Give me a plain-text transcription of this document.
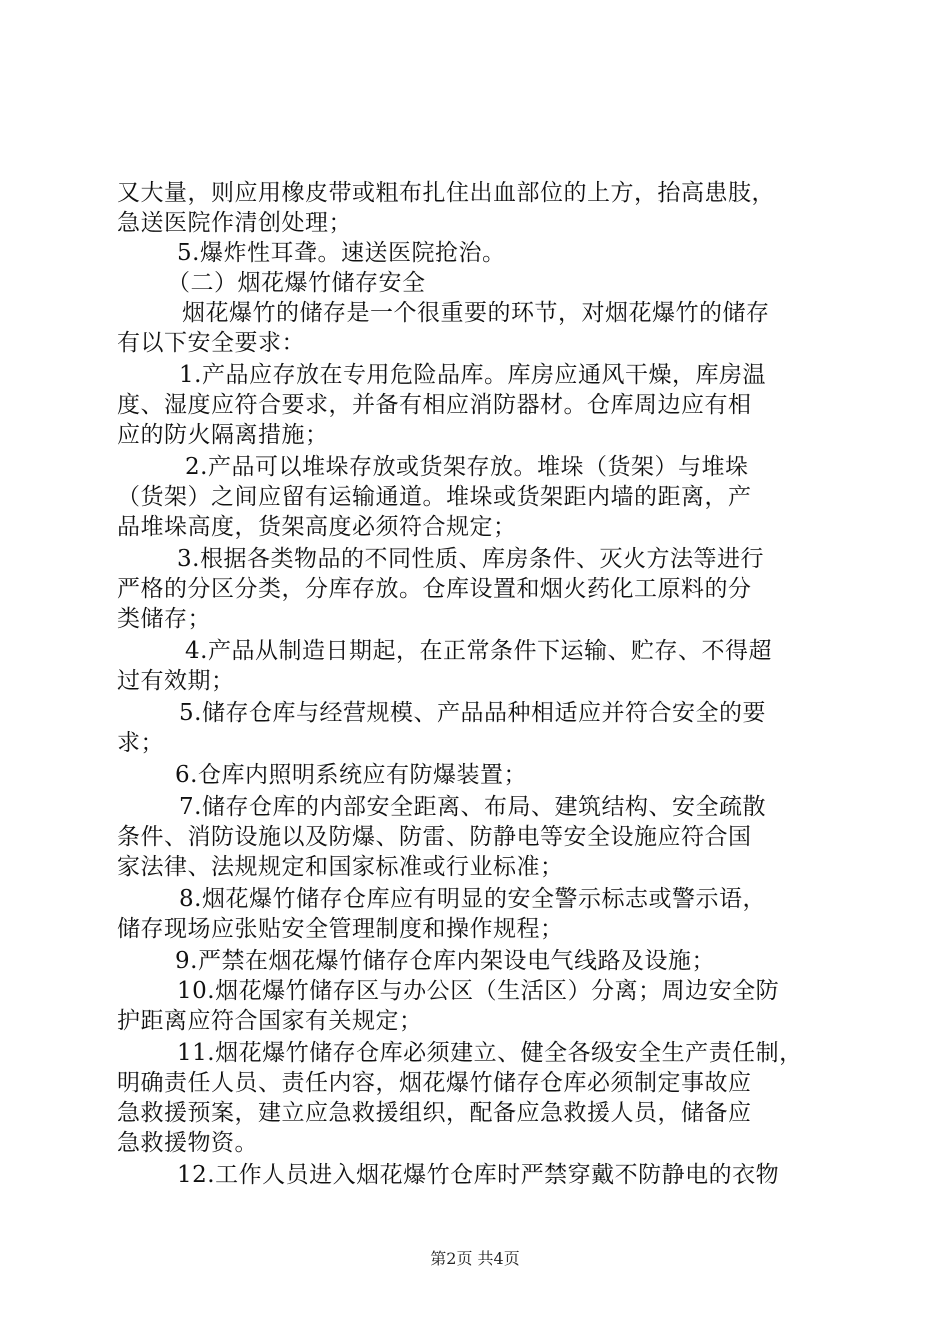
又大量，则应用橡皮带或粗布扎住出血部位的上方，抬高患肢，
急送医院作清创处理；
5.爆炸性耳聋。速送医院抢治。
（二）烟花爆竹储存安全
烟花爆竹的储存是一个很重要的环节，对烟花爆竹的储存
有以下安全要求：
1.产品应存放在专用危险品库。库房应通风干燥，库房温
度、湿度应符合要求，并备有相应消防器材。仓库周边应有相
应的防火隔离措施；
2.产品可以堆垛存放或货架存放。堆垛（货架）与堆垛
（货架）之间应留有运输通道。堆垛或货架距内墙的距离，产
品堆垛高度，货架高度必须符合规定；
3.根据各类物品的不同性质、库房条件、灭火方法等进行
严格的分区分类，分库存放。仓库设置和烟火药化工原料的分
类储存；
4.产品从制造日期起，在正常条件下运输、贮存、不得超
过有效期；
5.储存仓库与经营规模、产品品种相适应并符合安全的要
求；
6.仓库内照明系统应有防爆装置；
7.储存仓库的内部安全距离、布局、建筑结构、安全疏散
条件、消防设施以及防爆、防雷、防静电等安全设施应符合国
家法律、法规规定和国家标准或行业标准；
8.烟花爆竹储存仓库应有明显的安全警示标志或警示语，
储存现场应张贴安全管理制度和操作规程；
9.严禁在烟花爆竹储存仓库内架设电气线路及设施；
10.烟花爆竹储存区与办公区（生活区）分离；周边安全防
护距离应符合国家有关规定；
11.烟花爆竹储存仓库必须建立、健全各级安全生产责任制，
明确责任人员、责任内容，烟花爆竹储存仓库必须制定事故应
急救援预案，建立应急救援组织，配备应急救援人员，储备应
急救援物资。
12.工作人员进入烟花爆竹仓库时严禁穿戴不防静电的衣物
第2页 共4页
